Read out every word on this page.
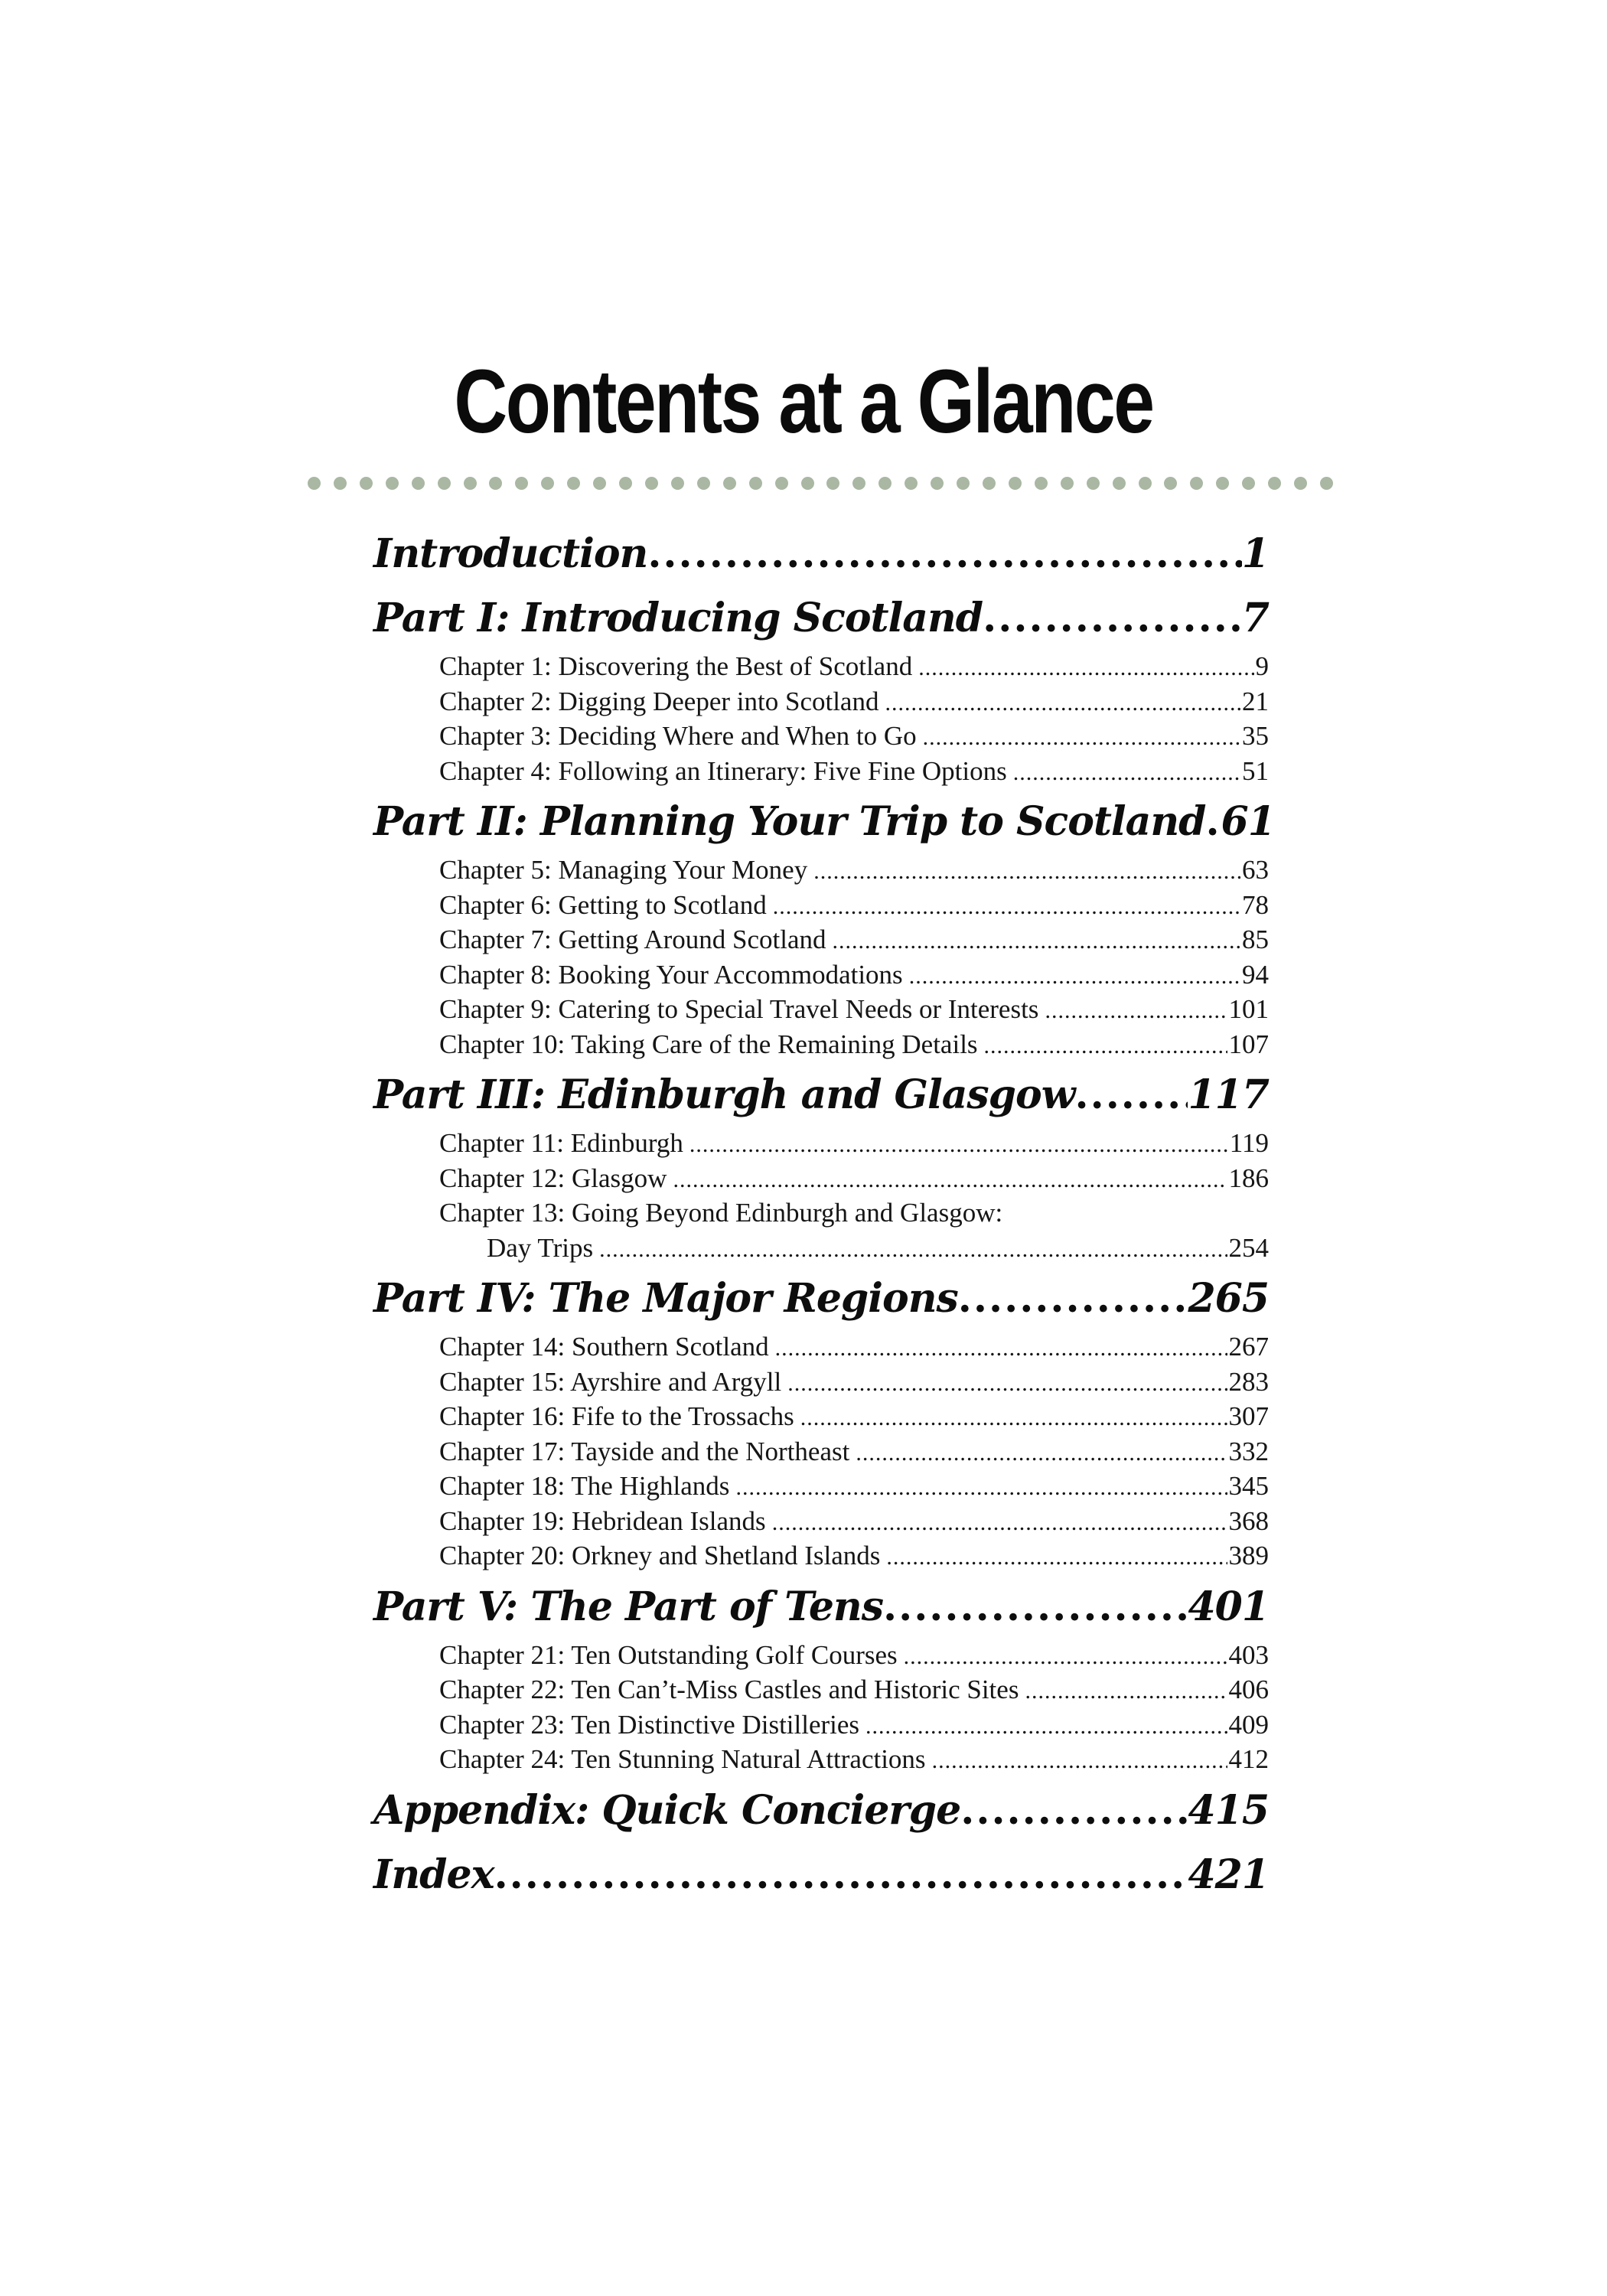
Contents at a Glance
Introduction .....	1
Part I: Introducing Scotland .....	7
Chapter 1: Discovering the Best of Scotland .....	9
Chapter 2: Digging Deeper into Scotland .....	21
Chapter 3: Deciding Where and When to Go .....	35
Chapter 4: Following an Itinerary: Five Fine Options .....	51
Part II: Planning Your Trip to Scotland ..... 61
Chapter 5: Managing Your Money .....	63
Chapter 6: Getting to Scotland .....	78
Chapter 7: Getting Around Scotland .....	85
Chapter 8: Booking Your Accommodations .....	94
Chapter 9: Catering to Special Travel Needs or Interests .....	101
Chapter 10: Taking Care of the Remaining Details .....	107
Part III: Edinburgh and Glasgow .....	117
Chapter 11: Edinburgh .....	119
Chapter 12: Glasgow .....	186
Chapter 13: Going Beyond Edinburgh and Glasgow:
Day Trips .....	254
Part IV: The Major Regions .....	265
Chapter 14: Southern Scotland .....	267
Chapter 15: Ayrshire and Argyll .....	283
Chapter 16: Fife to the Trossachs .....	307
Chapter 17: Tayside and the Northeast .....	332
Chapter 18: The Highlands .....	345
Chapter 19: Hebridean Islands .....	368
Chapter 20: Orkney and Shetland Islands .....	389
Part V: The Part of Tens .....	401
Chapter 21: Ten Outstanding Golf Courses .....	403
Chapter 22: Ten Can’t-Miss Castles and Historic Sites .....	406
Chapter 23: Ten Distinctive Distilleries .....	409
Chapter 24: Ten Stunning Natural Attractions .....	412
Appendix: Quick Concierge .....	415
Index .....	421
